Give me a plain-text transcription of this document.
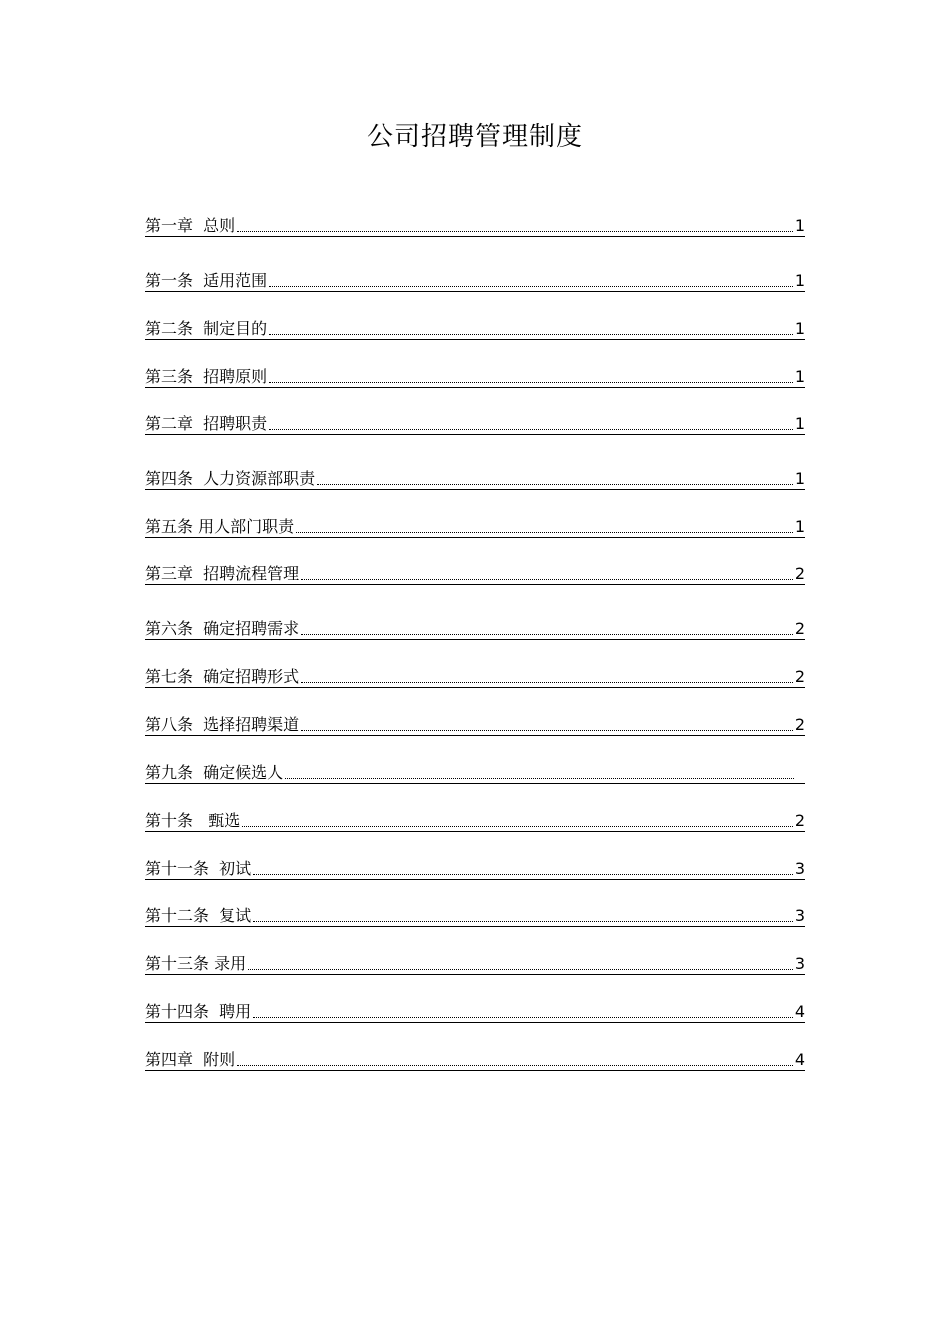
公司招聘管理制度
第一章  总则	1
第一条  适用范围	1
第二条  制定目的	1
第三条  招聘原则	1
第二章  招聘职责	1
第四条  人力资源部职责	1
第五条 用人部门职责	1
第三章  招聘流程管理	2
第六条  确定招聘需求	2
第七条  确定招聘形式	2
第八条  选择招聘渠道	2
第九条  确定候选人
第十条   甄选	2
第十一条  初试	3
第十二条  复试	3
第十三条 录用	3
第十四条  聘用	4
第四章  附则	4
